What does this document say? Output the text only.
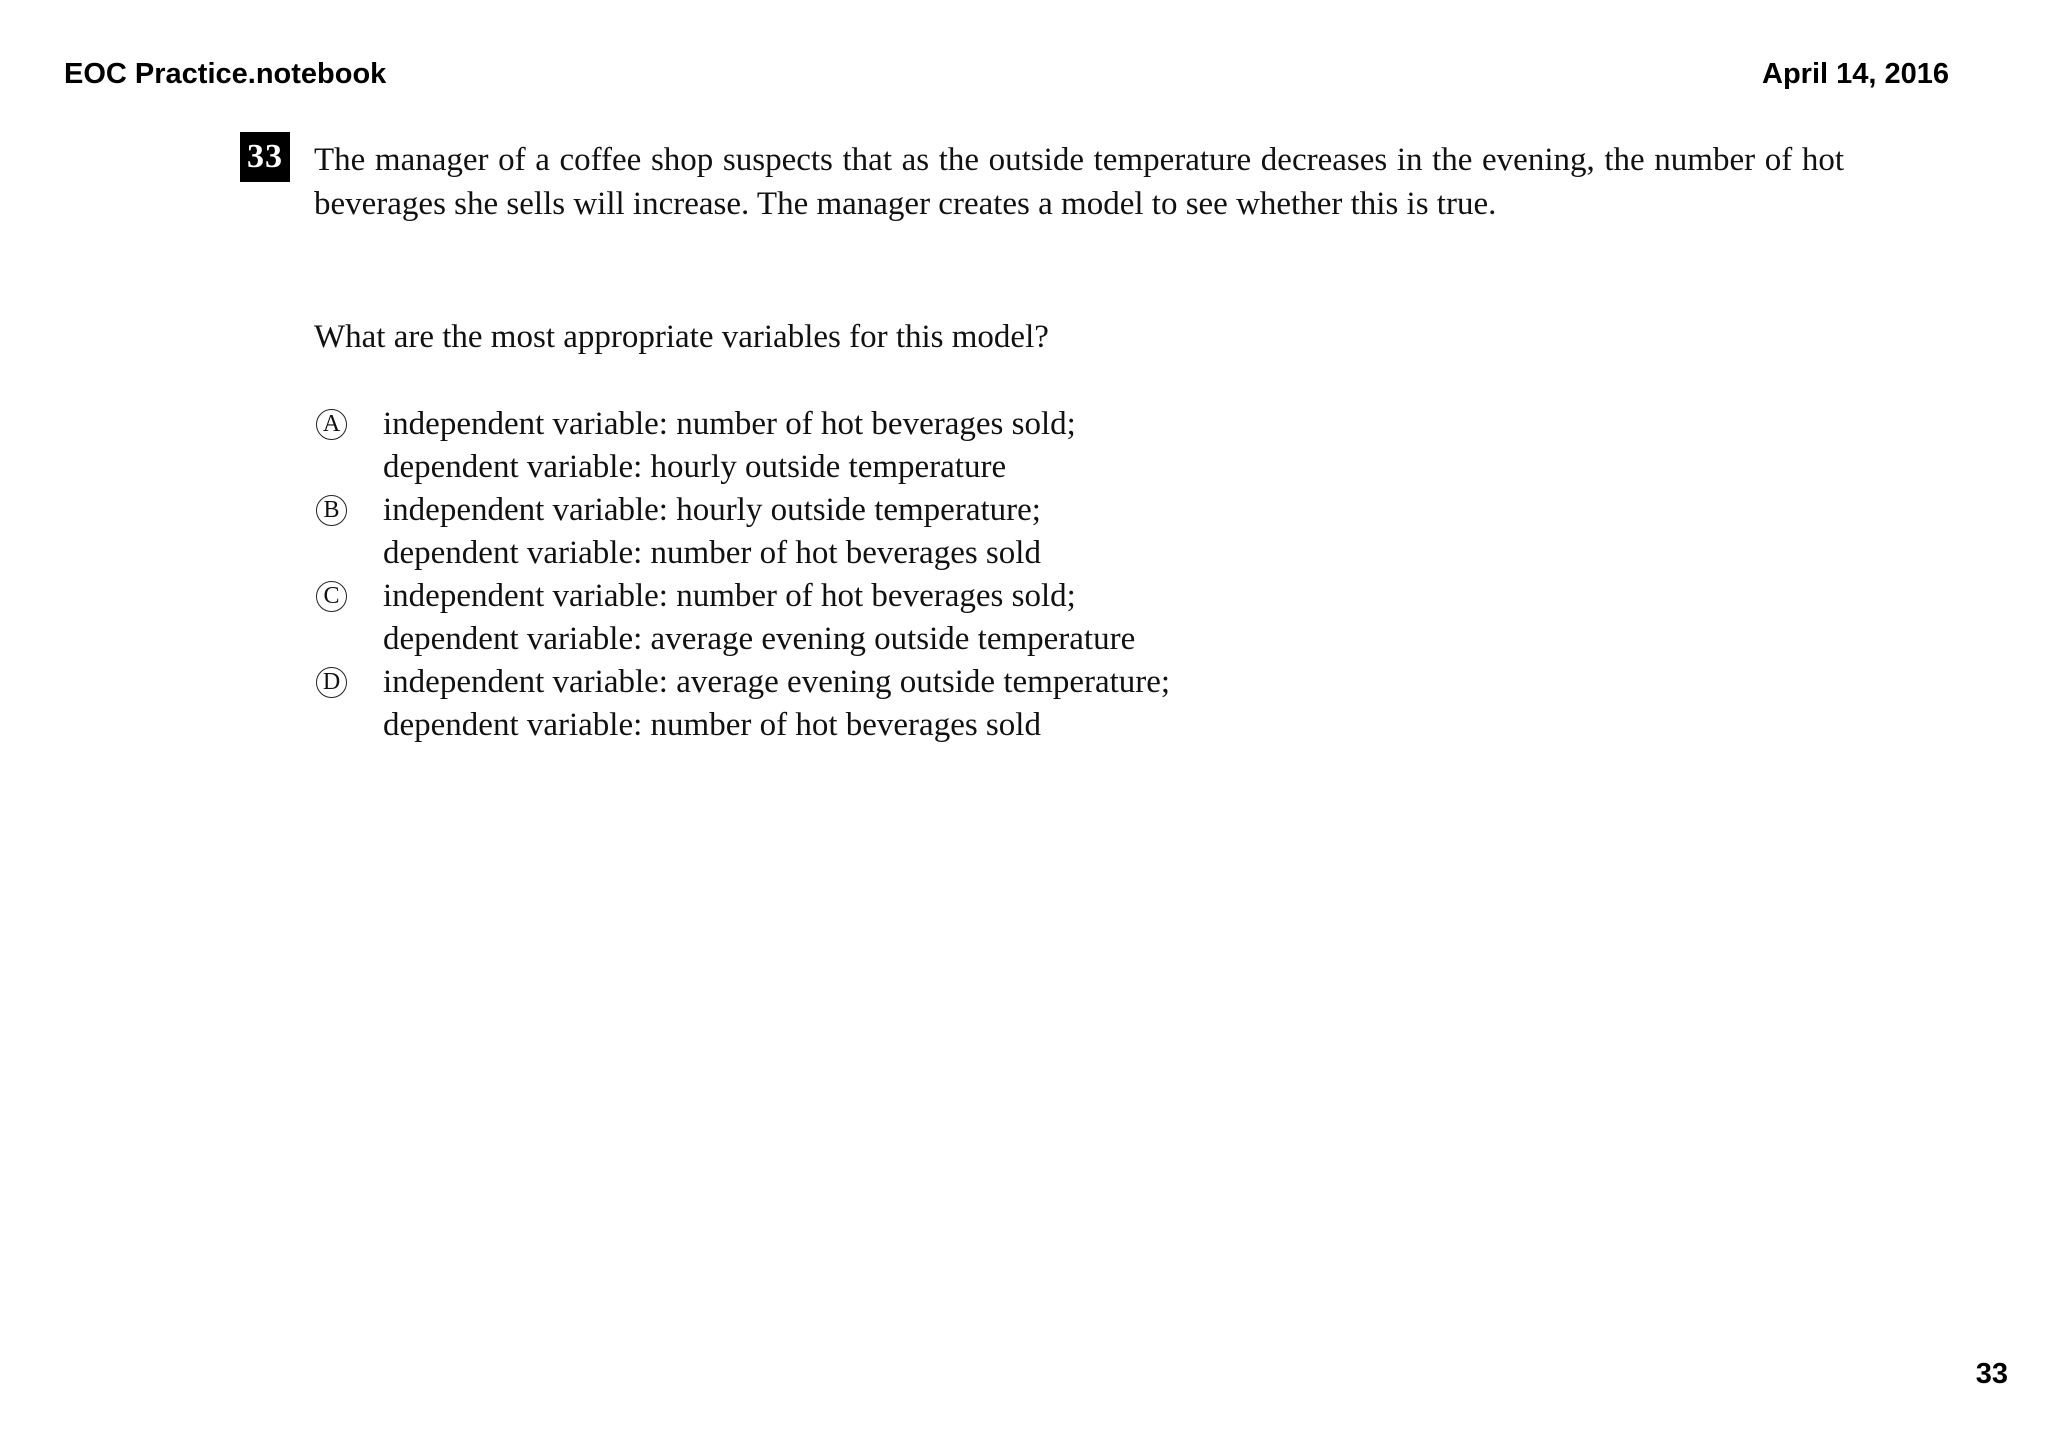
EOC Practice.notebook	April 14, 2016
33 The manager of a coffee shop suspects that as the outside temperature decreases in the evening, the number of hot beverages she sells will increase. The manager creates a model to see whether this is true.
What are the most appropriate variables for this model?
A independent variable: number of hot beverages sold;
dependent variable: hourly outside temperature
B independent variable: hourly outside temperature;
dependent variable: number of hot beverages sold
C independent variable: number of hot beverages sold;
dependent variable: average evening outside temperature
D independent variable: average evening outside temperature;
dependent variable: number of hot beverages sold
33
